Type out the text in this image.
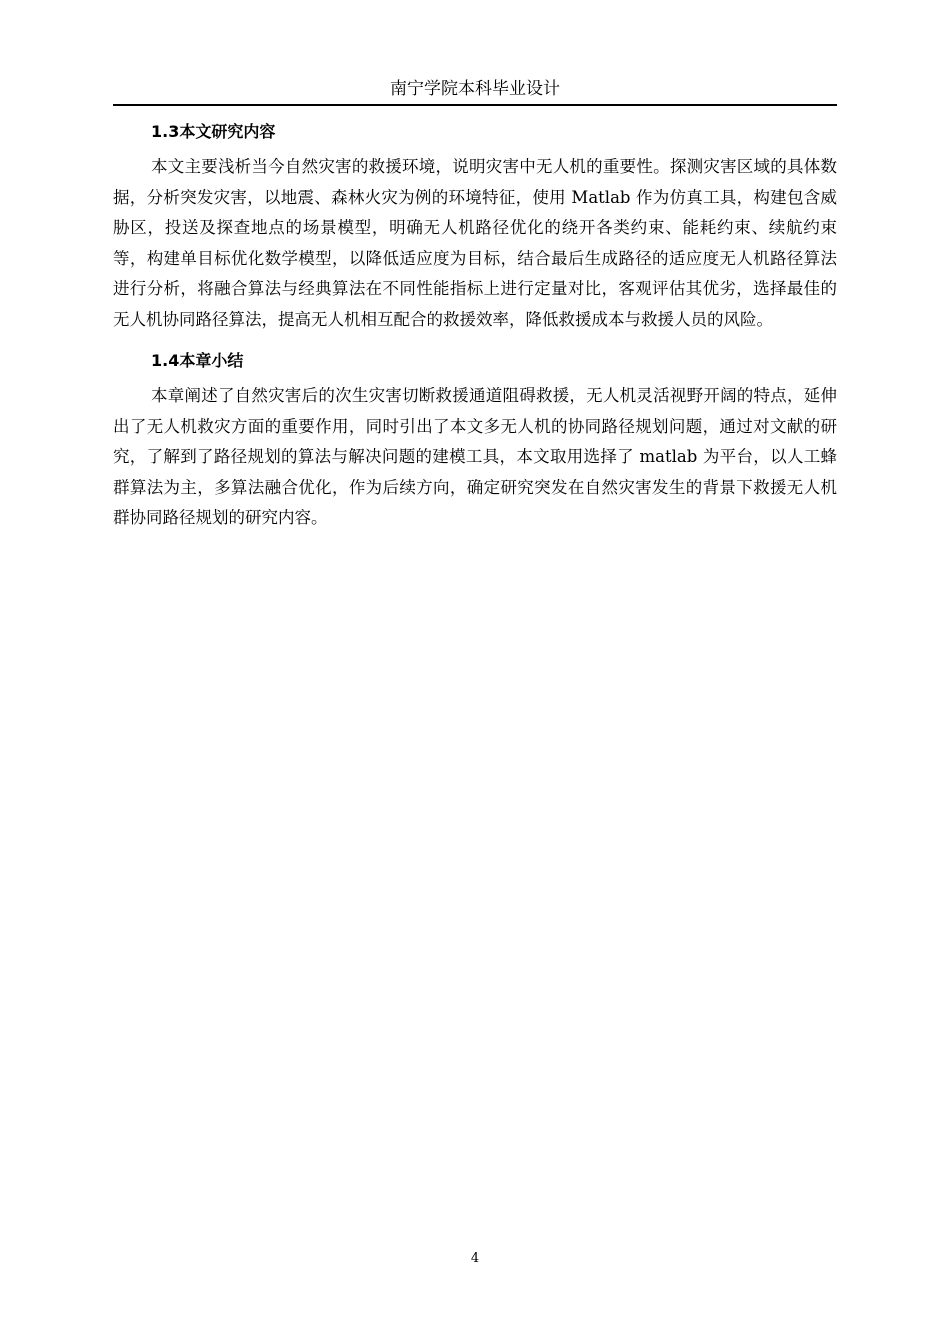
南宁学院本科毕业设计
1.3本文研究内容

本文主要浅析当今自然灾害的救援环境，说明灾害中无人机的重要性。探测灾害区域的具体数据，分析突发灾害，以地震、森林火灾为例的环境特征，使用 Matlab 作为仿真工具，构建包含威胁区，投送及探查地点的场景模型，明确无人机路径优化的绕开各类约束、能耗约束、续航约束等，构建单目标优化数学模型，以降低适应度为目标，结合最后生成路径的适应度无人机路径算法进行分析，将融合算法与经典算法在不同性能指标上进行定量对比，客观评估其优劣，选择最佳的无人机协同路径算法，提高无人机相互配合的救援效率，降低救援成本与救援人员的风险。

1.4本章小结

本章阐述了自然灾害后的次生灾害切断救援通道阻碍救援，无人机灵活视野开阔的特点，延伸出了无人机救灾方面的重要作用，同时引出了本文多无人机的协同路径规划问题，通过对文献的研究，了解到了路径规划的算法与解决问题的建模工具，本文取用选择了 matlab 为平台，以人工蜂群算法为主，多算法融合优化，作为后续方向，确定研究突发在自然灾害发生的背景下救援无人机群协同路径规划的研究内容。

4
